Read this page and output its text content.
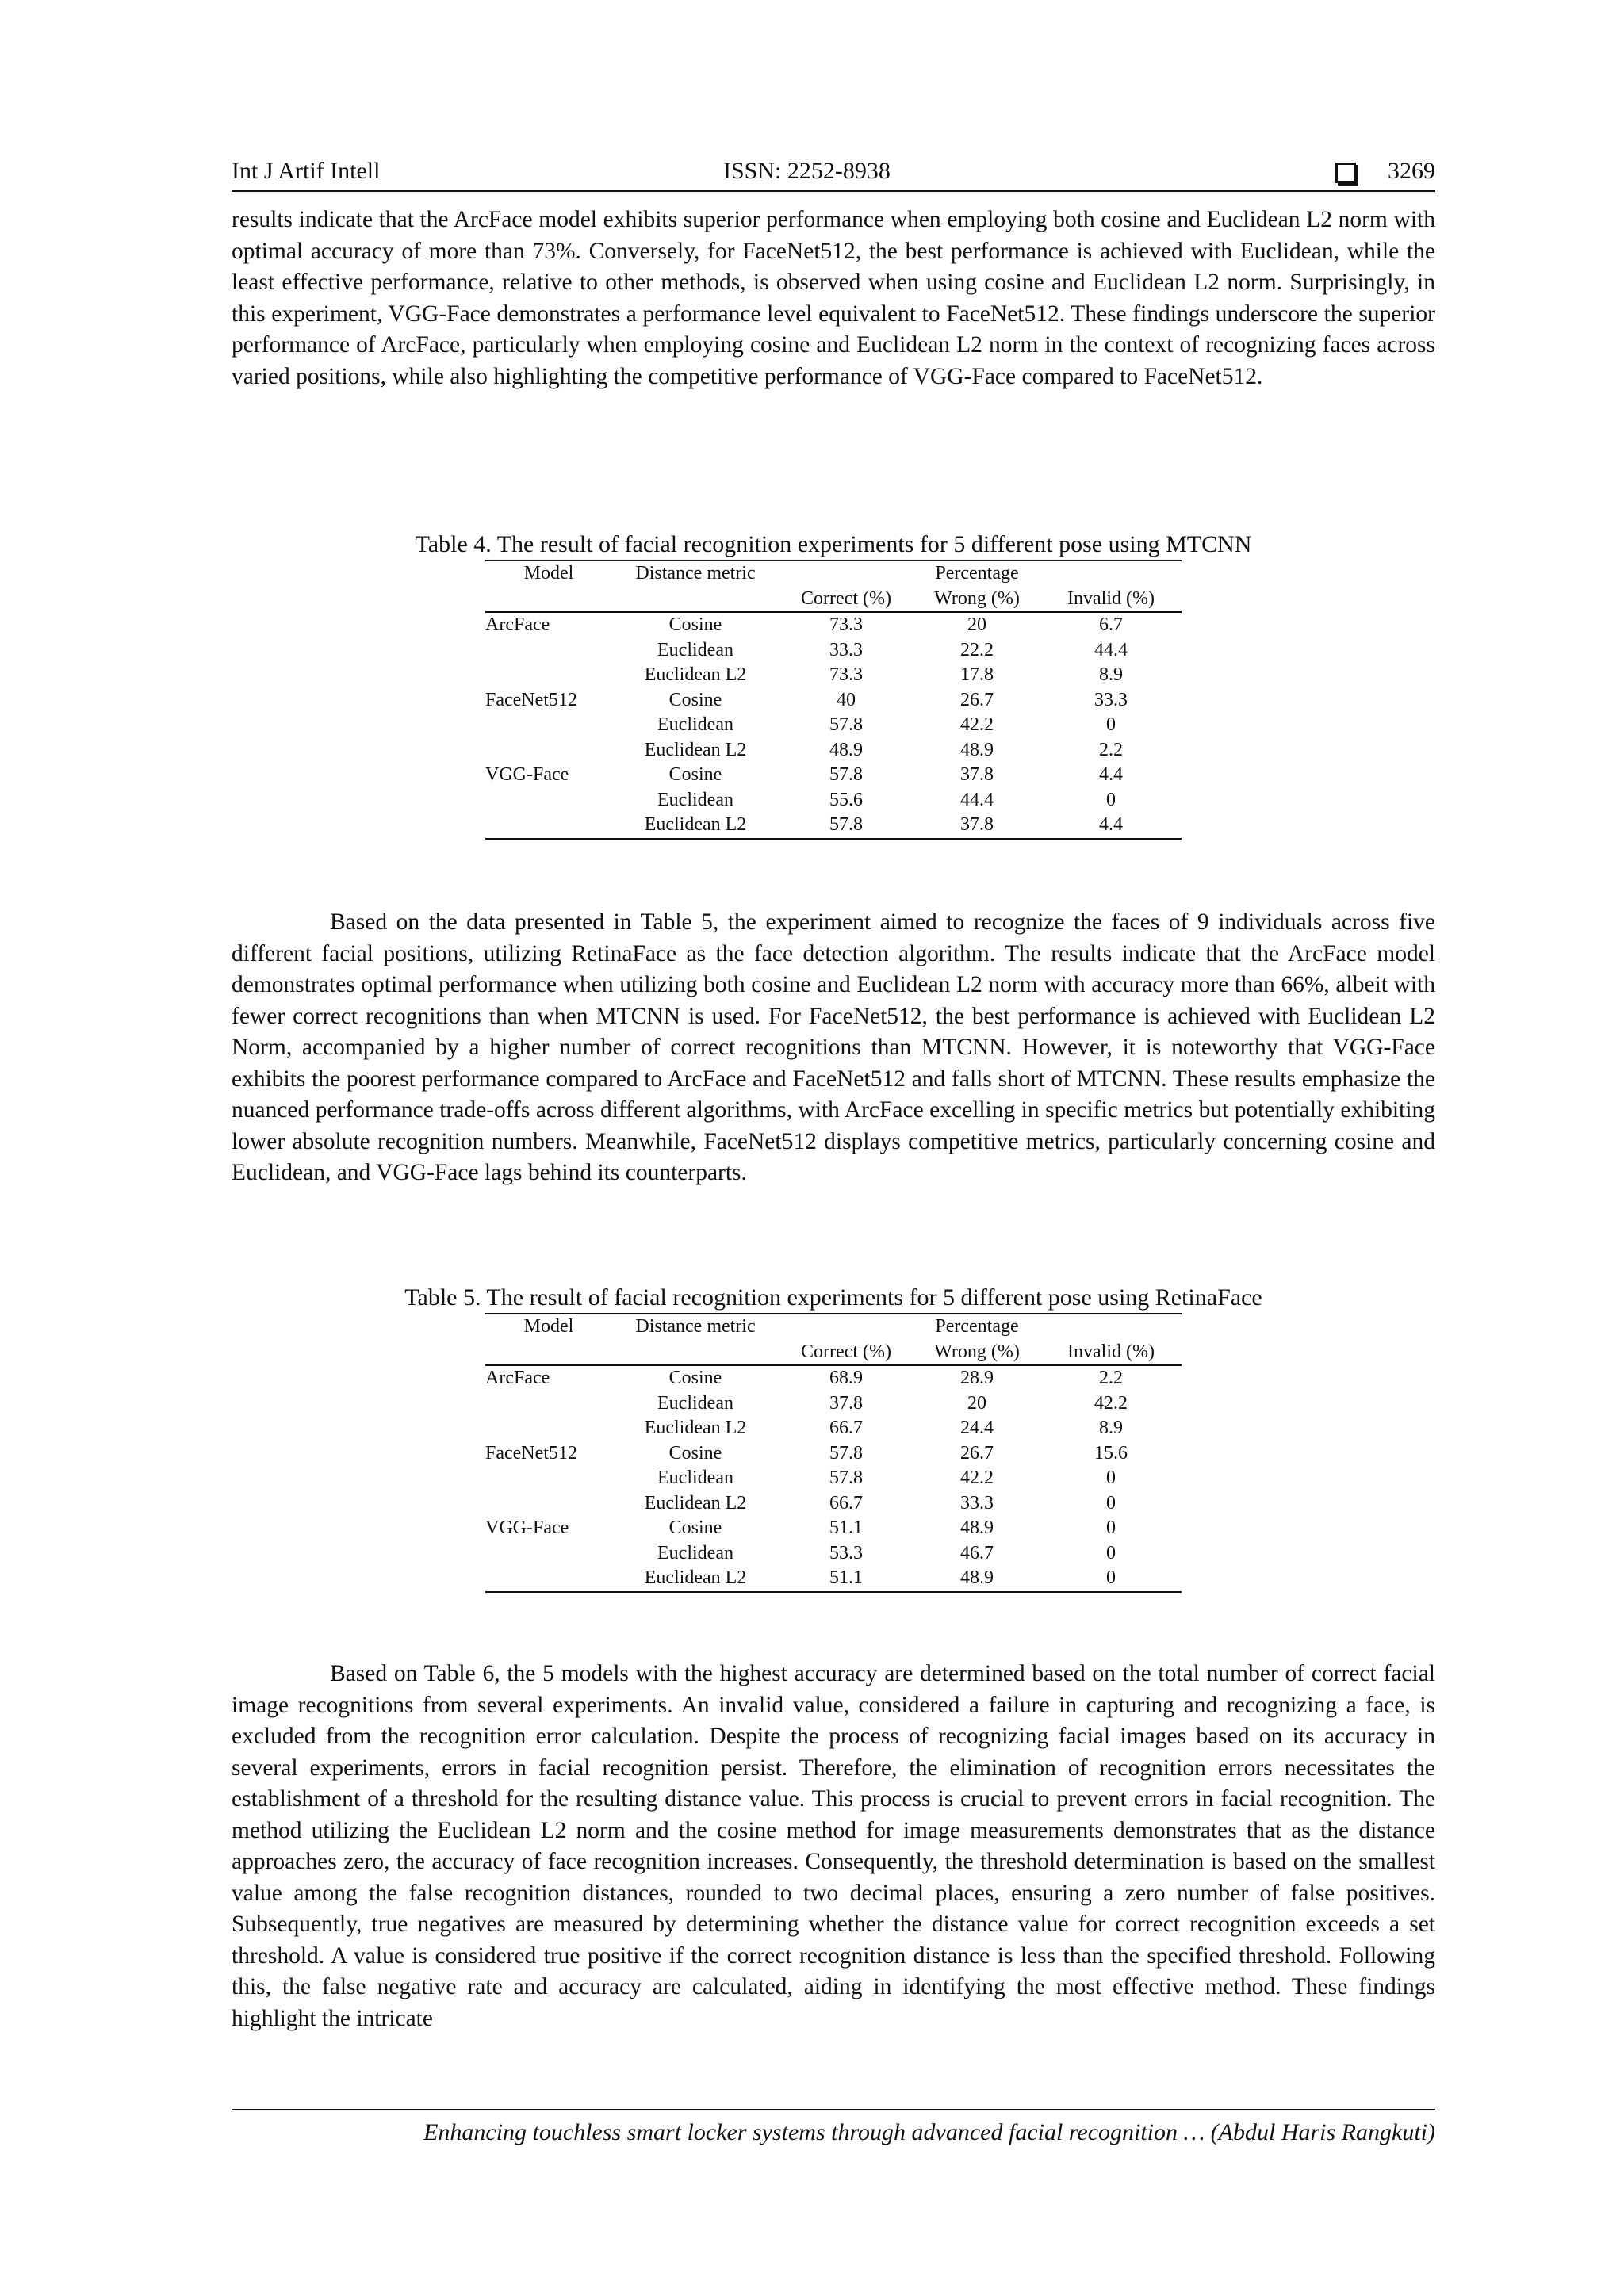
Int J Artif Intell	ISSN: 2252-8938	3269

results indicate that the ArcFace model exhibits superior performance when employing both cosine and Euclidean L2 norm with optimal accuracy of more than 73%. Conversely, for FaceNet512, the best performance is achieved with Euclidean, while the least effective performance, relative to other methods, is observed when using cosine and Euclidean L2 norm. Surprisingly, in this experiment, VGG-Face demonstrates a performance level equivalent to FaceNet512. These findings underscore the superior performance of ArcFace, particularly when employing cosine and Euclidean L2 norm in the context of recognizing faces across varied positions, while also highlighting the competitive performance of VGG-Face compared to FaceNet512.

Table 4. The result of facial recognition experiments for 5 different pose using MTCNN
Model	Distance metric		Percentage	
		Correct (%)	Wrong (%)	Invalid (%)
ArcFace	Cosine	73.3	20	6.7
	Euclidean	33.3	22.2	44.4
	Euclidean L2	73.3	17.8	8.9
FaceNet512	Cosine	40	26.7	33.3
	Euclidean	57.8	42.2	0
	Euclidean L2	48.9	48.9	2.2
VGG-Face	Cosine	57.8	37.8	4.4
	Euclidean	55.6	44.4	0
	Euclidean L2	57.8	37.8	4.4

Based on the data presented in Table 5, the experiment aimed to recognize the faces of 9 individuals across five different facial positions, utilizing RetinaFace as the face detection algorithm. The results indicate that the ArcFace model demonstrates optimal performance when utilizing both cosine and Euclidean L2 norm with accuracy more than 66%, albeit with fewer correct recognitions than when MTCNN is used. For FaceNet512, the best performance is achieved with Euclidean L2 Norm, accompanied by a higher number of correct recognitions than MTCNN. However, it is noteworthy that VGG-Face exhibits the poorest performance compared to ArcFace and FaceNet512 and falls short of MTCNN. These results emphasize the nuanced performance trade-offs across different algorithms, with ArcFace excelling in specific metrics but potentially exhibiting lower absolute recognition numbers. Meanwhile, FaceNet512 displays competitive metrics, particularly concerning cosine and Euclidean, and VGG-Face lags behind its counterparts.

Table 5. The result of facial recognition experiments for 5 different pose using RetinaFace
Model	Distance metric		Percentage	
		Correct (%)	Wrong (%)	Invalid (%)
ArcFace	Cosine	68.9	28.9	2.2
	Euclidean	37.8	20	42.2
	Euclidean L2	66.7	24.4	8.9
FaceNet512	Cosine	57.8	26.7	15.6
	Euclidean	57.8	42.2	0
	Euclidean L2	66.7	33.3	0
VGG-Face	Cosine	51.1	48.9	0
	Euclidean	53.3	46.7	0
	Euclidean L2	51.1	48.9	0

Based on Table 6, the 5 models with the highest accuracy are determined based on the total number of correct facial image recognitions from several experiments. An invalid value, considered a failure in capturing and recognizing a face, is excluded from the recognition error calculation. Despite the process of recognizing facial images based on its accuracy in several experiments, errors in facial recognition persist. Therefore, the elimination of recognition errors necessitates the establishment of a threshold for the resulting distance value. This process is crucial to prevent errors in facial recognition. The method utilizing the Euclidean L2 norm and the cosine method for image measurements demonstrates that as the distance approaches zero, the accuracy of face recognition increases. Consequently, the threshold determination is based on the smallest value among the false recognition distances, rounded to two decimal places, ensuring a zero number of false positives. Subsequently, true negatives are measured by determining whether the distance value for correct recognition exceeds a set threshold. A value is considered true positive if the correct recognition distance is less than the specified threshold. Following this, the false negative rate and accuracy are calculated, aiding in identifying the most effective method. These findings highlight the intricate

Enhancing touchless smart locker systems through advanced facial recognition … (Abdul Haris Rangkuti)
